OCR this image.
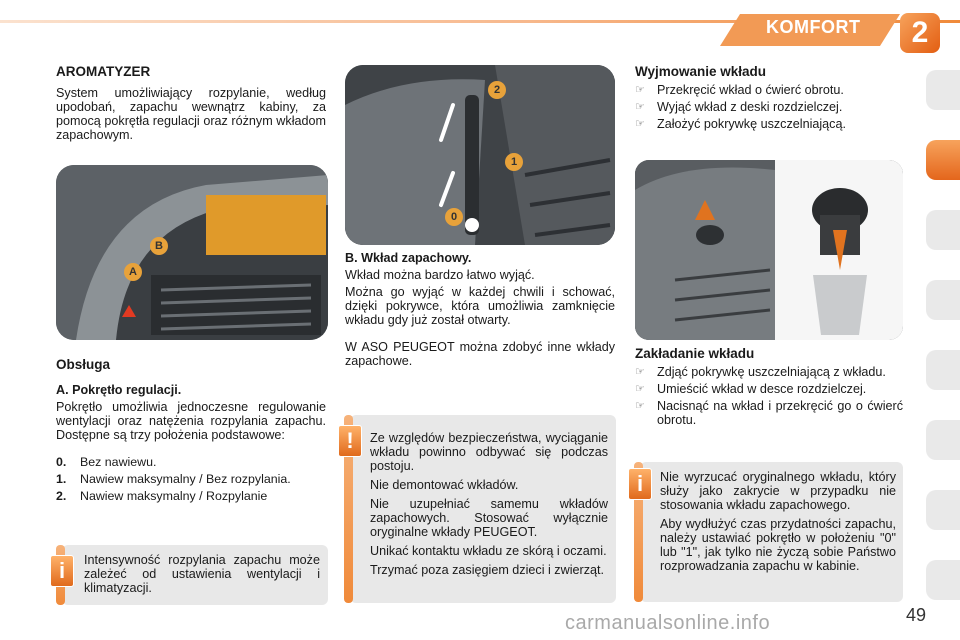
KOMFORT	2
AROMATYZER
System umożliwiający rozpylanie, według upodobań, zapachu wewnątrz kabiny, za pomocą pokrętła regulacji oraz różnym wkładom zapachowym.
B
A
Obsługa
A. Pokrętło regulacji.
Pokrętło umożliwia jednoczesne regulowanie wentylacji oraz natężenia rozpylania zapachu. Dostępne są trzy położenia podstawowe:
0.	Bez nawiewu.
1.	Nawiew maksymalny / Bez rozpylania.
2.	Nawiew maksymalny / Rozpylanie
i	Intensywność rozpylania zapachu może zależeć od ustawienia wentylacji i klimatyzacji.
2
1
0
B. Wkład zapachowy.
Wkład można bardzo łatwo wyjąć.
Można go wyjąć w każdej chwili i schować, dzięki pokrywce, która umożliwia zamknięcie wkładu gdy już został otwarty.
W ASO PEUGEOT można zdobyć inne wkłady zapachowe.
!	Ze względów bezpieczeństwa, wyciąganie wkładu powinno odbywać się podczas postoju.
Nie demontować wkładów.
Nie uzupełniać samemu wkładów zapachowych. Stosować wyłącznie oryginalne wkłady PEUGEOT.
Unikać kontaktu wkładu ze skórą i oczami.
Trzymać poza zasięgiem dzieci i zwierząt.
Wyjmowanie wkładu
☞ Przekręcić wkład o ćwierć obrotu.
☞ Wyjąć wkład z deski rozdzielczej.
☞ Założyć pokrywkę uszczelniającą.
Zakładanie wkładu
☞ Zdjąć pokrywkę uszczelniającą z wkładu.
☞ Umieścić wkład w desce rozdzielczej.
☞ Nacisnąć na wkład i przekręcić go o ćwierć obrotu.
i	Nie wyrzucać oryginalnego wkładu, który służy jako zakrycie w przypadku nie stosowania wkładu zapachowego.
Aby wydłużyć czas przydatności zapachu, należy ustawiać pokrętło w położeniu "0" lub "1", jak tylko nie życzą sobie Państwo rozprowadzania zapachu w kabinie.
carmanualsonline.info	49
